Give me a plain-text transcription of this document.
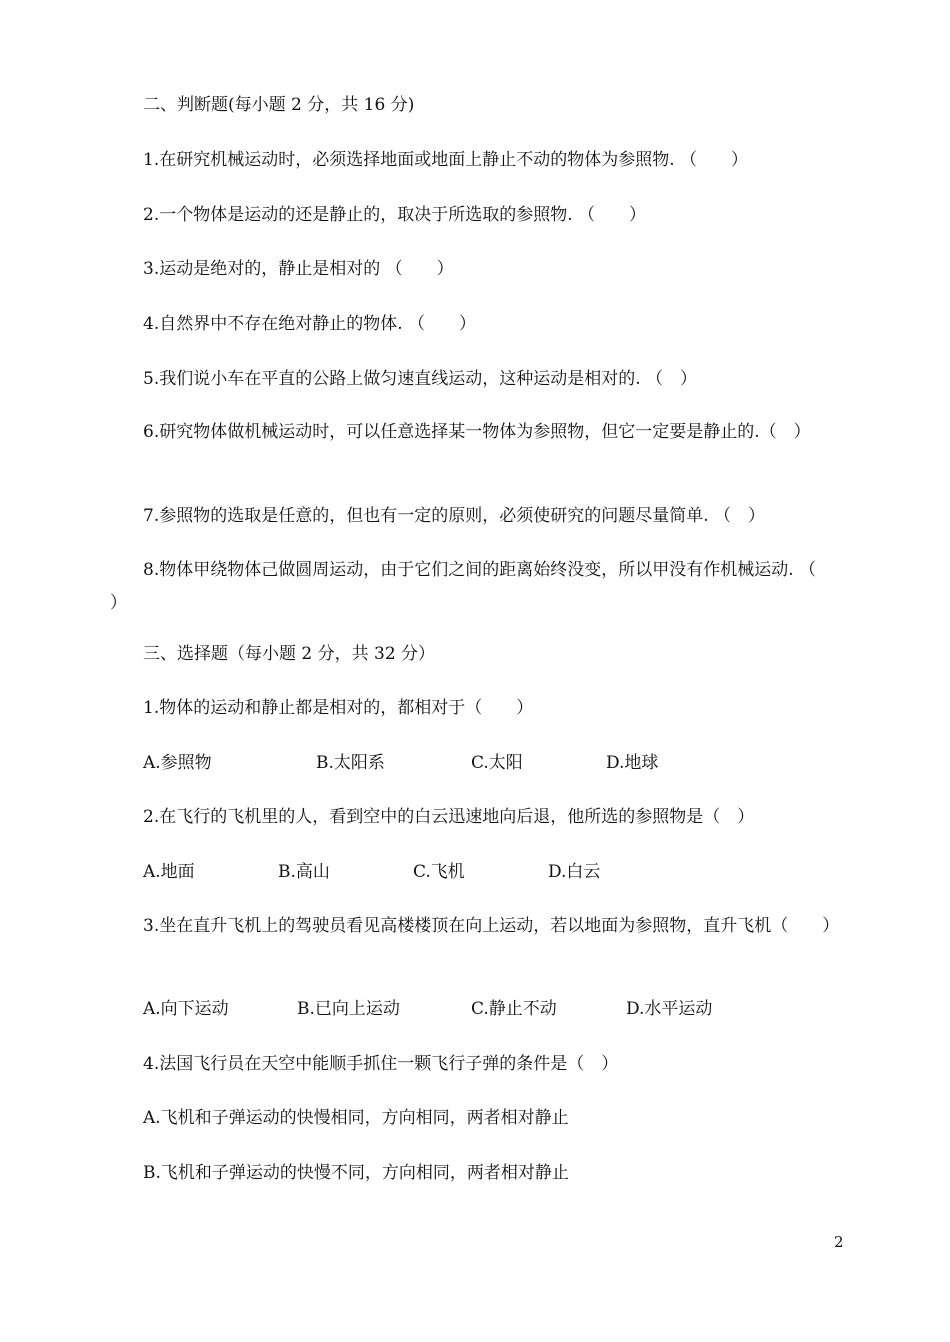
二、判断题(每小题 2 分，共 16 分)
1.在研究机械运动时，必须选择地面或地面上静止不动的物体为参照物. （　　）
2.一个物体是运动的还是静止的，取决于所选取的参照物. （　　）
3.运动是绝对的，静止是相对的 （　　）
4.自然界中不存在绝对静止的物体. （　　）
5.我们说小车在平直的公路上做匀速直线运动，这种运动是相对的. （　）
6.研究物体做机械运动时，可以任意选择某一物体为参照物，但它一定要是静止的.（　）
7.参照物的选取是任意的，但也有一定的原则，必须使研究的问题尽量简单. （　）
8.物体甲绕物体己做圆周运动，由于它们之间的距离始终没变，所以甲没有作机械运动. （　　）
三、选择题（每小题 2 分，共 32 分）
1.物体的运动和静止都是相对的，都相对于（　　）
A.参照物	B.太阳系	C.太阳	D.地球
2.在飞行的飞机里的人，看到空中的白云迅速地向后退，他所选的参照物是（　）
A.地面	B.高山	C.飞机	D.白云
3.坐在直升飞机上的驾驶员看见高楼楼顶在向上运动，若以地面为参照物，直升飞机（　　）
A.向下运动	B.已向上运动	C.静止不动	D.水平运动
4.法国飞行员在天空中能顺手抓住一颗飞行子弹的条件是（　）
A.飞机和子弹运动的快慢相同，方向相同，两者相对静止
B.飞机和子弹运动的快慢不同，方向相同，两者相对静止
2
